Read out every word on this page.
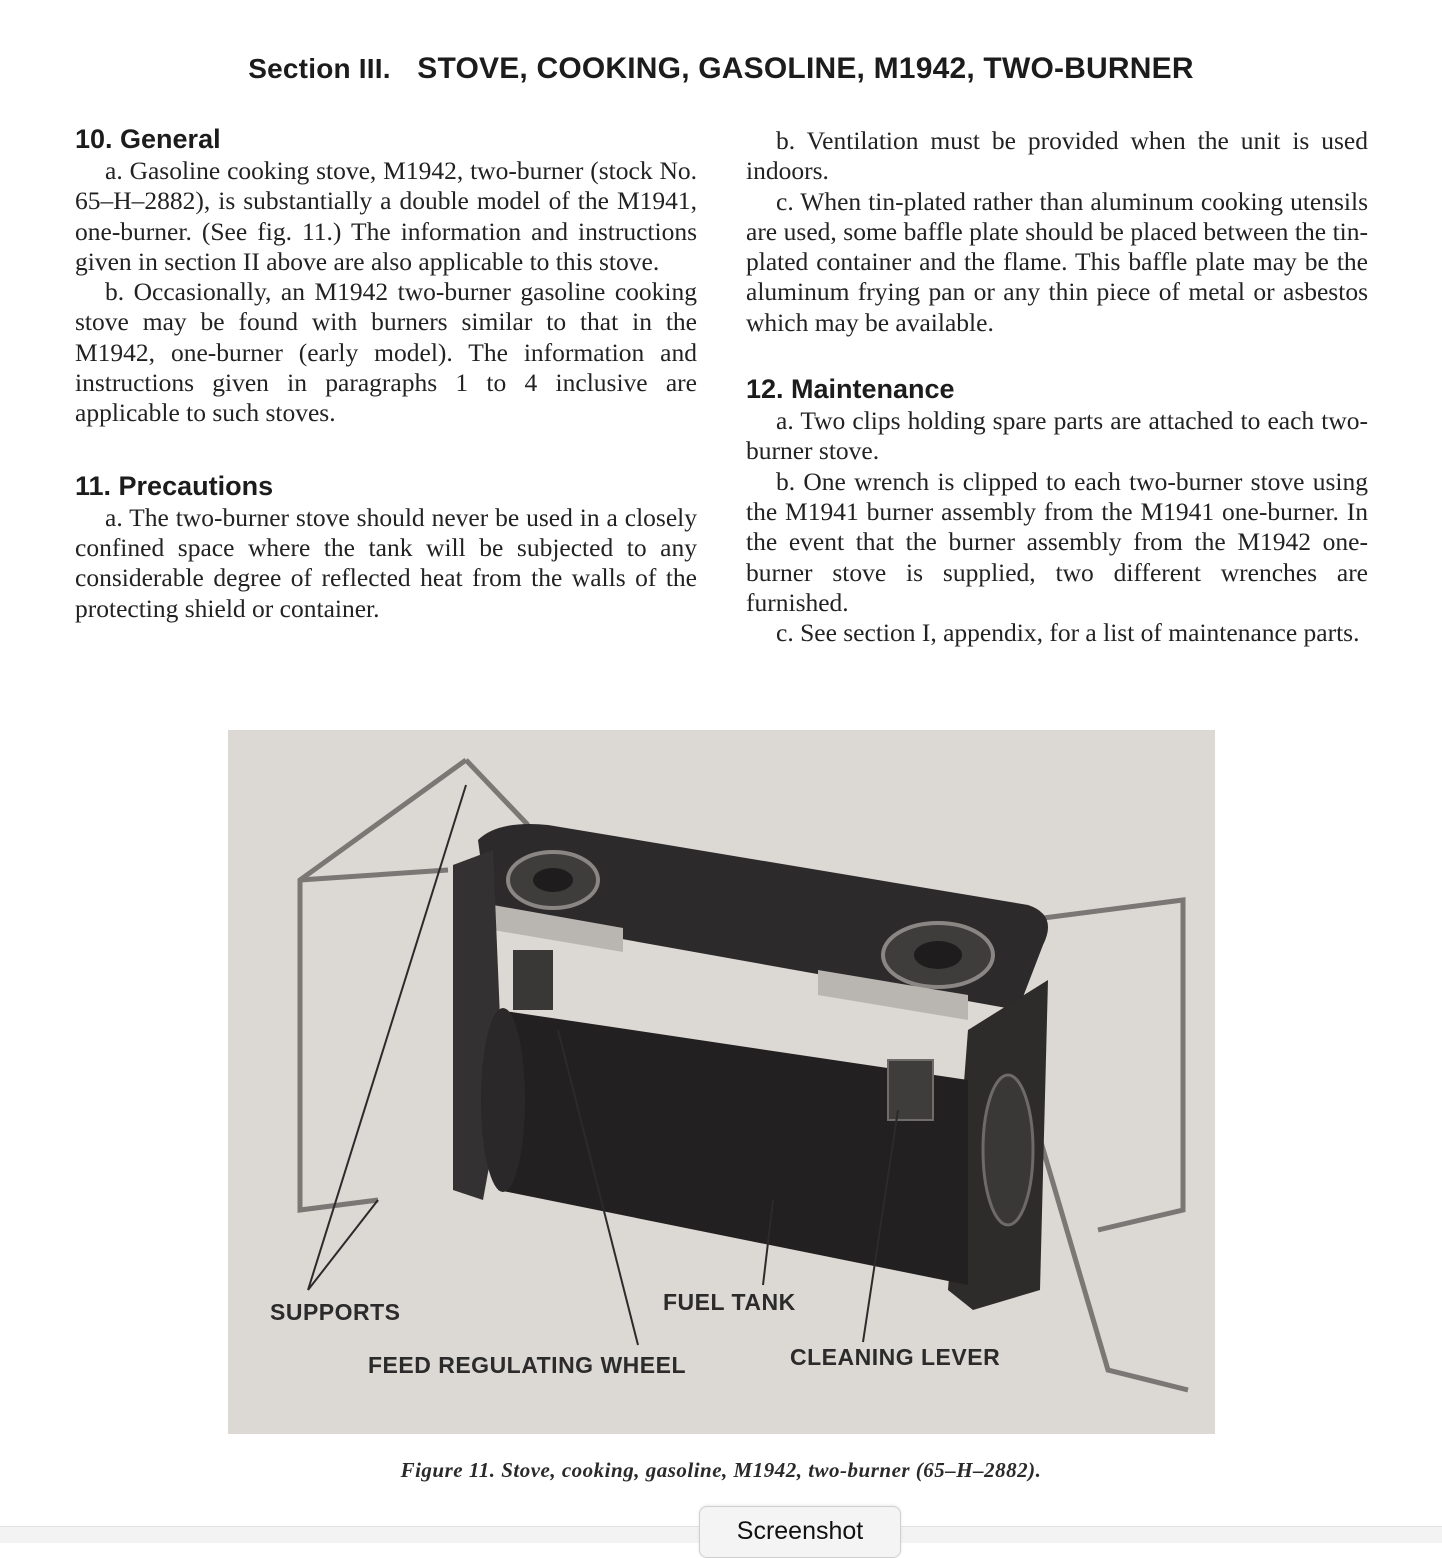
Section III. STOVE, COOKING, GASOLINE, M1942, TWO-BURNER
10. General

a. Gasoline cooking stove, M1942, two-burner (stock No. 65–H–2882), is substantially a double model of the M1941, one-burner. (See fig. 11.) The information and instructions given in section II above are also applicable to this stove.

b. Occasionally, an M1942 two-burner gasoline cooking stove may be found with burners similar to that in the M1942, one-burner (early model). The information and instructions given in paragraphs 1 to 4 inclusive are applicable to such stoves.

11. Precautions

a. The two-burner stove should never be used in a closely confined space where the tank will be subjected to any considerable degree of reflected heat from the walls of the protecting shield or container.

b. Ventilation must be provided when the unit is used indoors.

c. When tin-plated rather than aluminum cooking utensils are used, some baffle plate should be placed between the tin-plated container and the flame. This baffle plate may be the aluminum frying pan or any thin piece of metal or asbestos which may be available.

12. Maintenance

a. Two clips holding spare parts are attached to each two-burner stove.

b. One wrench is clipped to each two-burner stove using the M1941 burner assembly from the M1941 one-burner. In the event that the burner assembly from the M1942 one-burner stove is supplied, two different wrenches are furnished.

c. See section I, appendix, for a list of maintenance parts.

SUPPORTS	FUEL TANK
FEED REGULATING WHEEL	CLEANING LEVER
Figure 11. Stove, cooking, gasoline, M1942, two-burner (65–H–2882).
Screenshot
